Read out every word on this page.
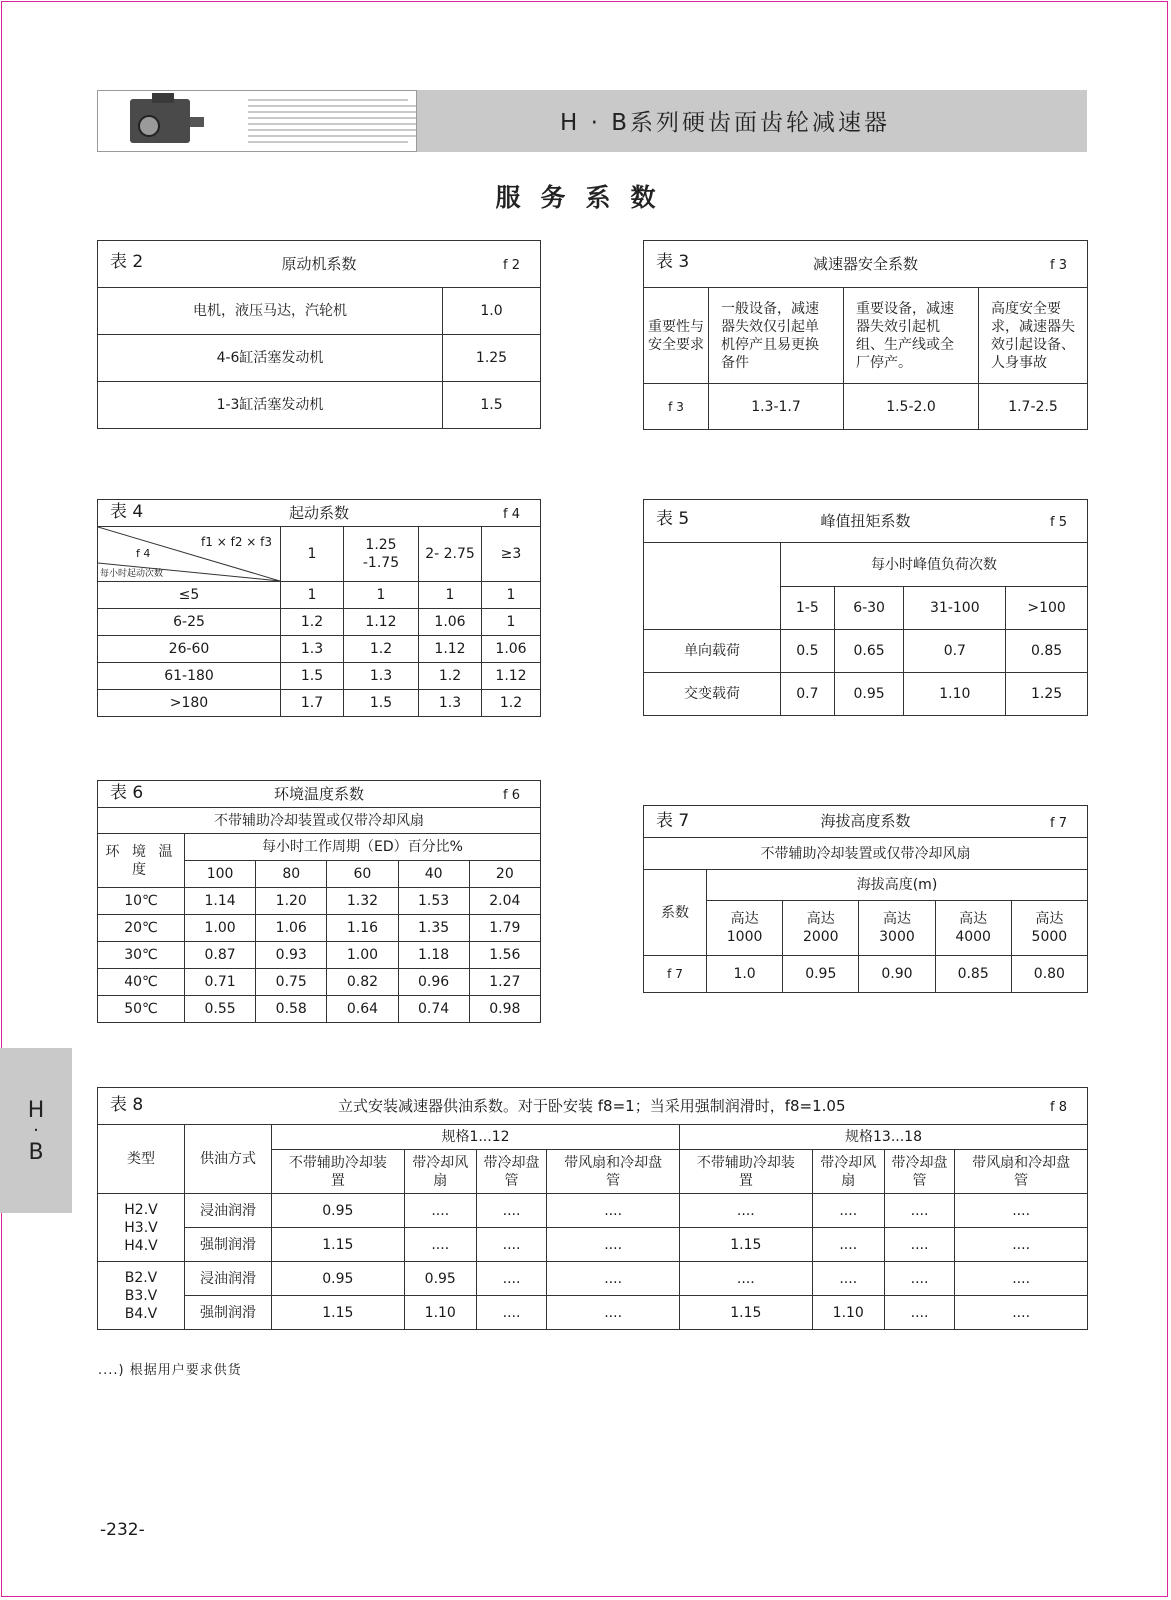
H · B系列硬齿面齿轮减速器
服务系数
表 2 原动机系数 f 2	

电机，液压马达，汽轮机	1.0
4-6缸活塞发动机	1.25
1-3缸活塞发动机	1.5
表 3 减速器安全系数 f 3			

重要性与安全要求	一般设备，减速器失效仅引起单机停产且易更换备件	重要设备，减速器失效引起机组、生产线或全厂停产。	高度安全要求，减速器失效引起设备、人身事故
f 3	1.3-1.7	1.5-2.0	1.7-2.5
表 4 起动系数 f 4				

f1 × f2 × f3
f 4
每小时起动次数	1	1.25 -1.75	2- 2.75	≥3
≤5	1	1	1	1
6-25	1.2	1.12	1.06	1
26-60	1.3	1.2	1.12	1.06
61-180	1.5	1.3	1.2	1.12
>180	1.7	1.5	1.3	1.2
表 5 峰值扭矩系数 f 5				

	每小时峰值负荷次数			
	1-5	6-30	31-100	>100
单向载荷	0.5	0.65	0.7	0.85
交变载荷	0.7	0.95	1.10	1.25
表 6 环境温度系数 f 6					

不带辅助冷却装置或仅带冷却风扇					
环 境 温 度	每小时工作周期（ED）百分比%				
	100	80	60	40	20
10℃	1.14	1.20	1.32	1.53	2.04
20℃	1.00	1.06	1.16	1.35	1.79
30℃	0.87	0.93	1.00	1.18	1.56
40℃	0.71	0.75	0.82	0.96	1.27
50℃	0.55	0.58	0.64	0.74	0.98
表 7 海拔高度系数 f 7					

不带辅助冷却装置或仅带冷却风扇					
系数	海拔高度(m)				
	高达 1000	高达 2000	高达 3000	高达 4000	高达 5000
f 7	1.0	0.95	0.90	0.85	0.80
H
·
B
表 8 立式安装减速器供油系数。对于卧安装 f8=1；当采用强制润滑时，f8=1.05 f 8									

类型	供油方式	规格1...12				规格13...18			
		不带辅助冷却装置	带冷却风扇	带冷却盘管	带风扇和冷却盘管	不带辅助冷却装置	带冷却风扇	带冷却盘管	带风扇和冷却盘管
H2.V H3.V H4.V	浸油润滑	0.95	....	....	....	....	....	....	....
	强制润滑	1.15	....	....	....	1.15	....	....	....
B2.V B3.V B4.V	浸油润滑	0.95	0.95	....	....	....	....	....	....
	强制润滑	1.15	1.10	....	....	1.15	1.10	....	....
....) 根据用户要求供货
-232-
